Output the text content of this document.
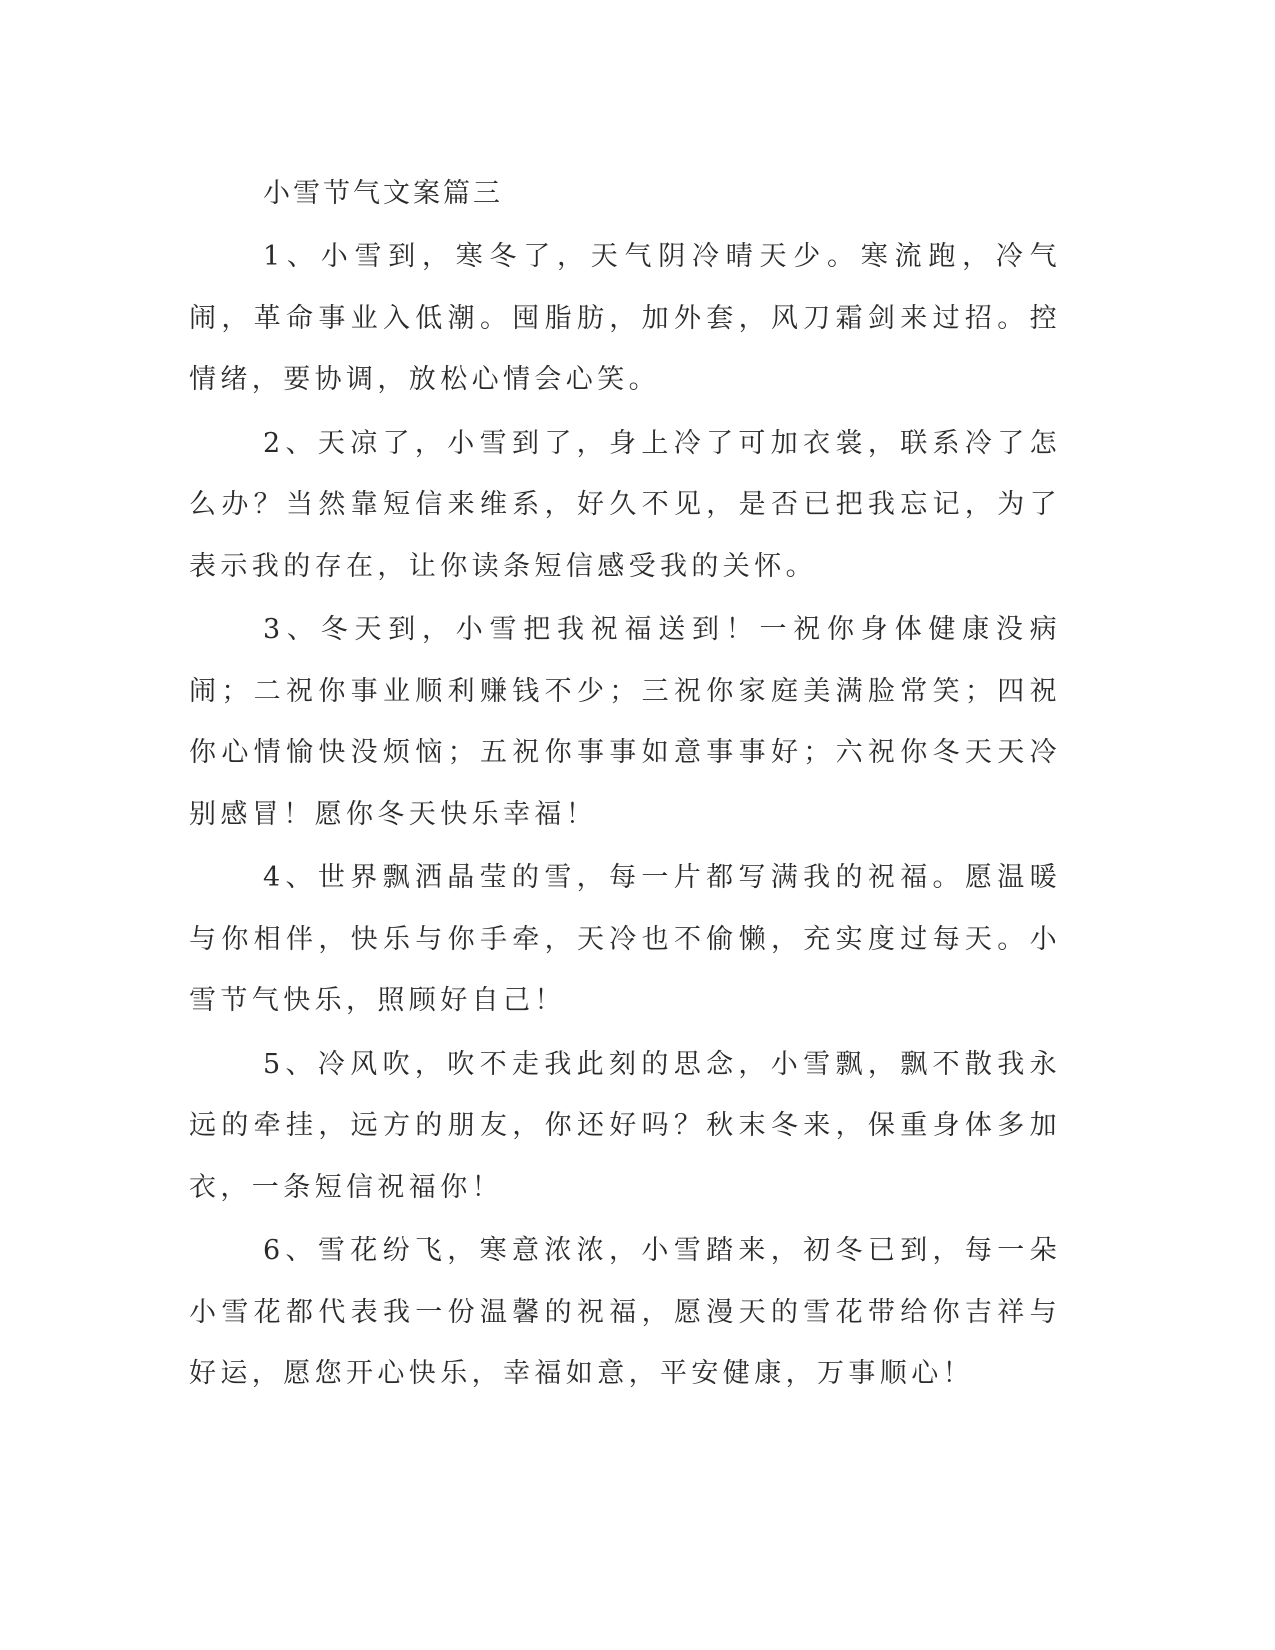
小雪节气文案篇三

1、小雪到，寒冬了，天气阴冷晴天少。寒流跑，冷气闹，革命事业入低潮。囤脂肪，加外套，风刀霜剑来过招。控情绪，要协调，放松心情会心笑。

2、天凉了，小雪到了，身上冷了可加衣裳，联系冷了怎么办？当然靠短信来维系，好久不见，是否已把我忘记，为了表示我的存在，让你读条短信感受我的关怀。

3、冬天到，小雪把我祝福送到！一祝你身体健康没病闹；二祝你事业顺利赚钱不少；三祝你家庭美满脸常笑；四祝你心情愉快没烦恼；五祝你事事如意事事好；六祝你冬天天冷别感冒！愿你冬天快乐幸福！

4、世界飘洒晶莹的雪，每一片都写满我的祝福。愿温暖与你相伴，快乐与你手牵，天冷也不偷懒，充实度过每天。小雪节气快乐，照顾好自己！

5、冷风吹，吹不走我此刻的思念，小雪飘，飘不散我永远的牵挂，远方的朋友，你还好吗？秋末冬来，保重身体多加衣，一条短信祝福你！

6、雪花纷飞，寒意浓浓，小雪踏来，初冬已到，每一朵小雪花都代表我一份温馨的祝福，愿漫天的雪花带给你吉祥与好运，愿您开心快乐，幸福如意，平安健康，万事顺心！
